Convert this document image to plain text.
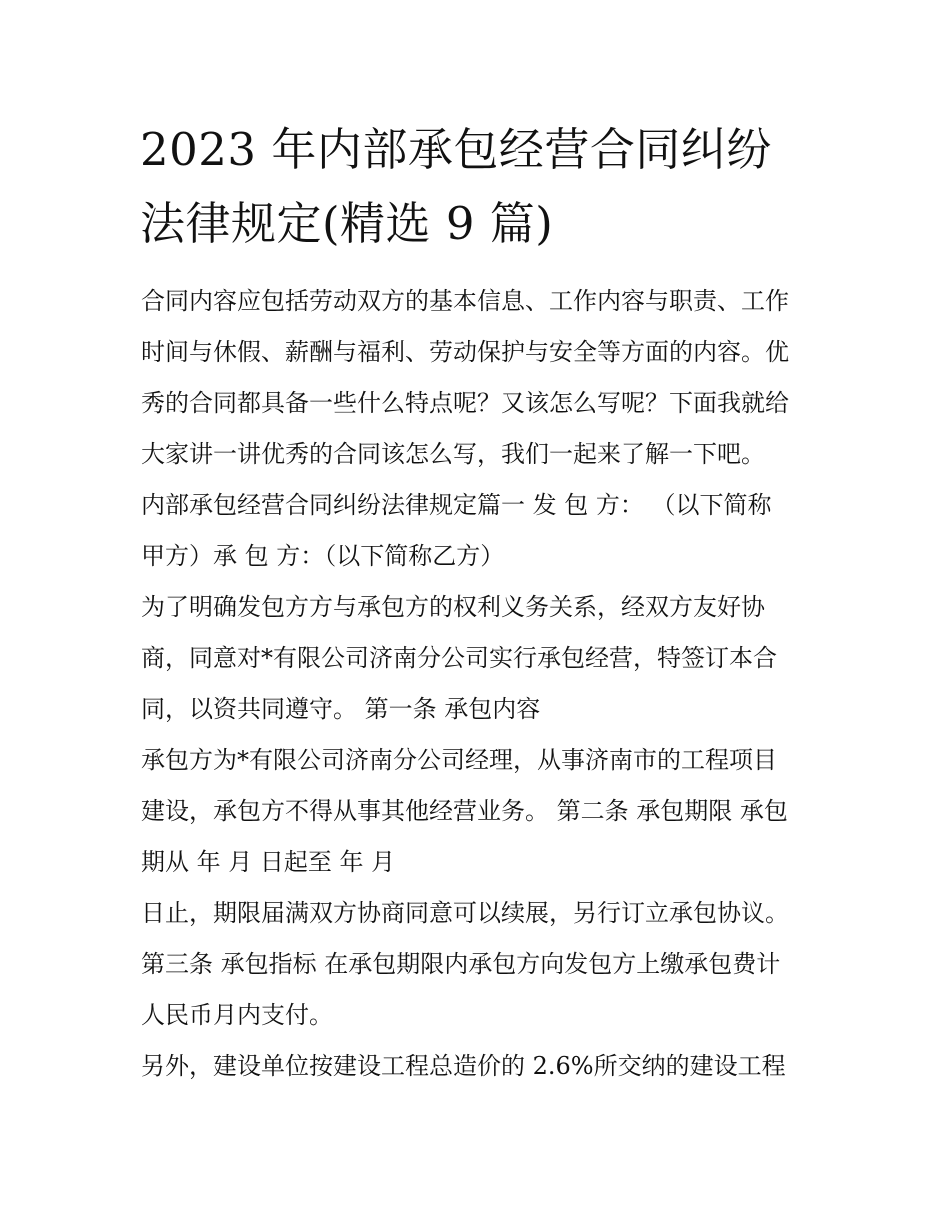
2023 年内部承包经营合同纠纷
法律规定(精选 9 篇)
合同内容应包括劳动双方的基本信息、工作内容与职责、工作
时间与休假、薪酬与福利、劳动保护与安全等方面的内容。优
秀的合同都具备一些什么特点呢？又该怎么写呢？下面我就给
大家讲一讲优秀的合同该怎么写，我们一起来了解一下吧。
内部承包经营合同纠纷法律规定篇一 发 包 方： （以下简称
甲方）承 包 方：（以下简称乙方）
为了明确发包方方与承包方的权利义务关系，经双方友好协
商，同意对*有限公司济南分公司实行承包经营，特签订本合
同，以资共同遵守。 第一条 承包内容
承包方为*有限公司济南分公司经理，从事济南市的工程项目
建设，承包方不得从事其他经营业务。 第二条 承包期限 承包
期从 年 月 日起至 年 月
日止，期限届满双方协商同意可以续展，另行订立承包协议。
第三条 承包指标 在承包期限内承包方向发包方上缴承包费计
人民币月内支付。
另外，建设单位按建设工程总造价的 2.6%所交纳的建设工程
